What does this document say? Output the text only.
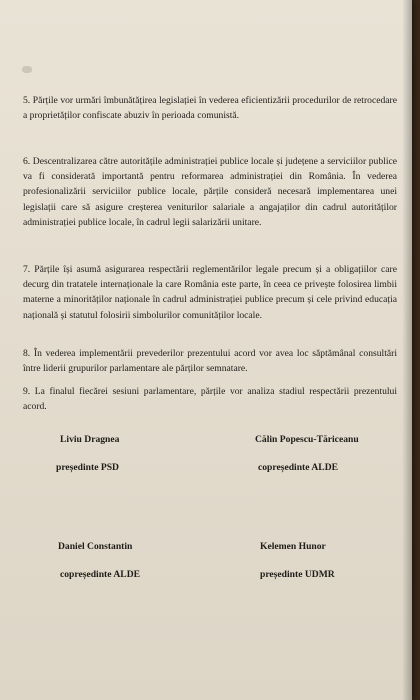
5. Părțile vor urmări îmbunătățirea legislației în vederea eficientizării procedurilor de retrocedare a proprietăților confiscate abuziv în perioada comunistă.

6. Descentralizarea către autoritățile administrației publice locale și județene a serviciilor publice va fi considerată importantă pentru reformarea administrației din România. În vederea profesionalizării serviciilor publice locale, părțile consideră necesară implementarea unei legislații care să asigure creșterea veniturilor salariale a angajaților din cadrul autorităților administrației publice locale, în cadrul legii salarizării unitare.

7. Părțile își asumă asigurarea respectării reglementărilor legale precum și a obligațiilor care decurg din tratatele internaționale la care România este parte, în ceea ce privește folosirea limbii materne a minorităților naționale în cadrul administrației publice precum și cele privind educația națională și statutul folosirii simbolurilor comunităților locale.

8. În vederea implementării prevederilor prezentului acord vor avea loc săptămânal consultări între liderii grupurilor parlamentare ale părților semnatare.

9. La finalul fiecărei sesiuni parlamentare, părțile vor analiza stadiul respectării prezentului acord.

Liviu Dragnea
președinte PSD
Călin Popescu-Tăriceanu
copreședinte ALDE
Daniel Constantin
copreședinte ALDE
Kelemen Hunor
președinte UDMR
